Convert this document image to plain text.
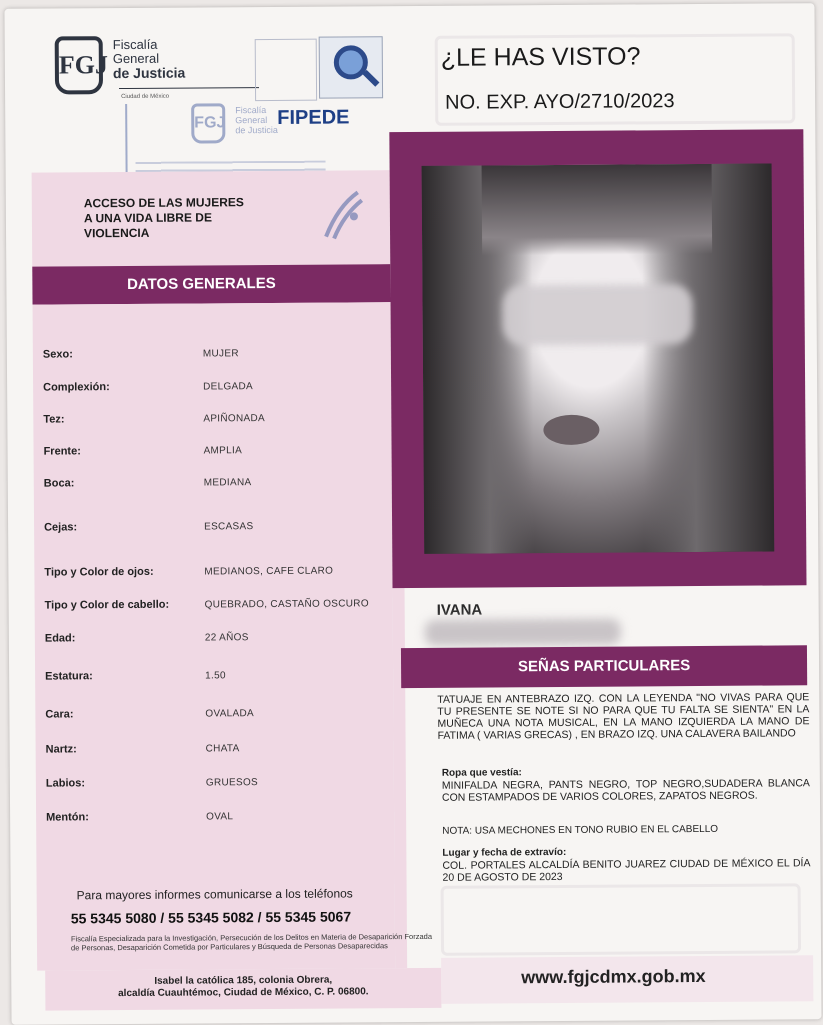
FGJ
Fiscalía
General
de Justicia
Ciudad de México
FIPEDE
FGJ
Fiscalía
General
de Justicia
¿LE HAS VISTO?
NO. EXP. AYO/2710/2023
ACCESO DE LAS MUJERES
A UNA VIDA LIBRE DE
VIOLENCIA
DATOS GENERALES
IVANA
SEÑAS PARTICULARES
TATUAJE EN ANTEBRAZO IZQ. CON LA LEYENDA "NO VIVAS PARA QUE TU PRESENTE SE NOTE SI NO PARA QUE TU FALTA SE SIENTA" EN LA MUÑECA UNA NOTA MUSICAL, EN LA MANO IZQUIERDA LA MANO DE FATIMA ( VARIAS GRECAS) , EN BRAZO IZQ. UNA CALAVERA BAILANDO
Ropa que vestía:
MINIFALDA NEGRA, PANTS NEGRO, TOP NEGRO,SUDADERA BLANCA CON ESTAMPADOS DE VARIOS COLORES, ZAPATOS NEGROS.
NOTA: USA MECHONES EN TONO RUBIO EN EL CABELLO
Lugar y fecha de extravío:
COL. PORTALES ALCALDÍA BENITO JUAREZ CIUDAD DE MÉXICO EL DÍA 20 DE AGOSTO DE 2023
Para mayores informes comunicarse a los teléfonos
55 5345 5080 / 55 5345 5082 / 55 5345 5067
Fiscalía Especializada para la Investigación, Persecución de los Delitos en Materia de Desaparición Forzada de Personas, Desaparición Cometida por Particulares y Búsqueda de Personas Desaparecidas
Isabel la católica 185, colonia Obrera,
alcaldía Cuauhtémoc, Ciudad de México, C. P. 06800.
www.fgjcdmx.gob.mx
Sexo:	MUJER
Complexión:	DELGADA
Tez:	APIÑONADA
Frente:	AMPLIA
Boca:	MEDIANA
Cejas:	ESCASAS
Tipo y Color de ojos:	MEDIANOS, CAFE CLARO
Tipo y Color de cabello:	QUEBRADO, CASTAÑO OSCURO
Edad:	22 AÑOS
Estatura:	1.50
Cara:	OVALADA
Nartz:	CHATA
Labios:	GRUESOS
Mentón:	OVAL
